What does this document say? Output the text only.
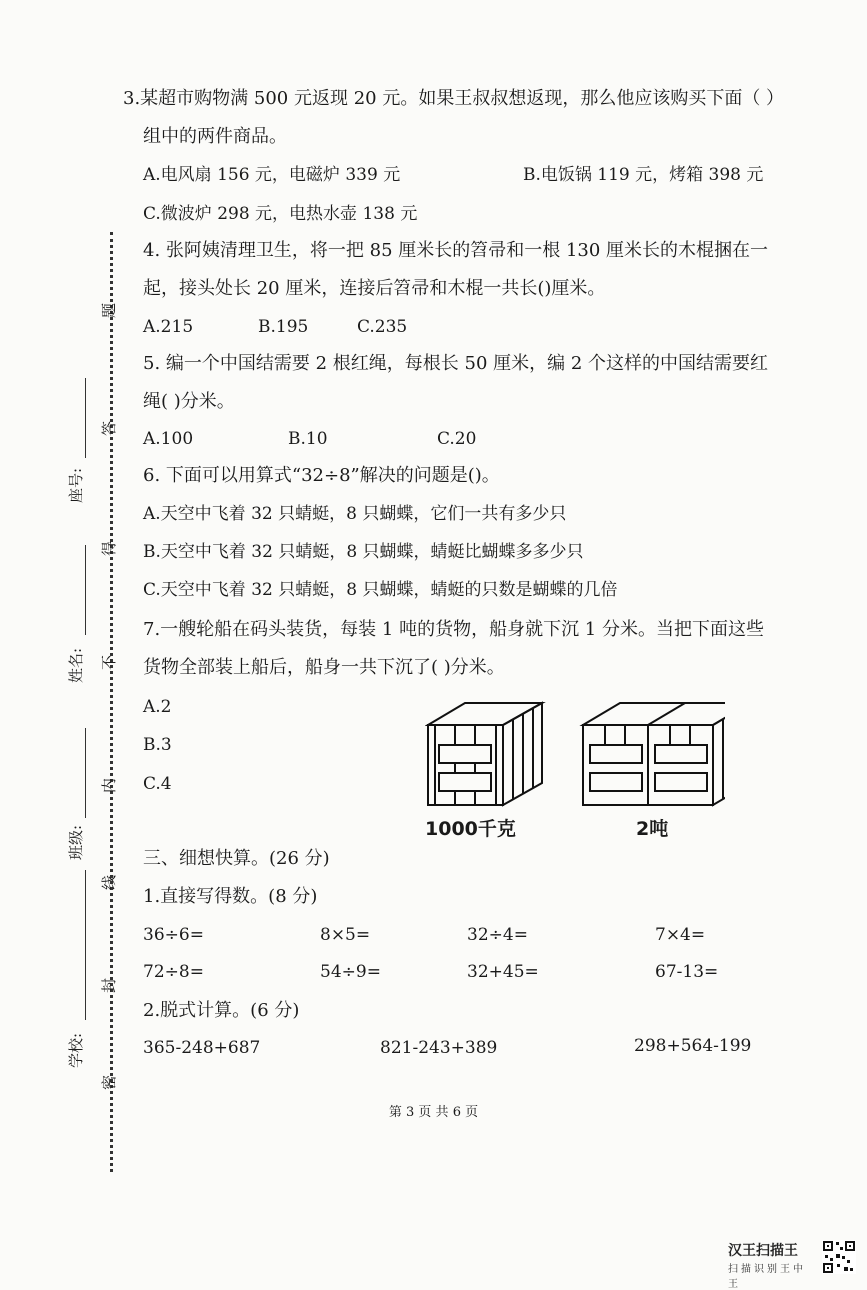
题
答
得
不
内
线
封
密
座号:
姓名:
班级:
学校:
3.某超市购物满 500 元返现 20 元。如果王叔叔想返现，那么他应该购买下面（ ）
组中的两件商品。
A.电风扇 156 元，电磁炉 339 元	B.电饭锅 119 元，烤箱 398 元
C.微波炉 298 元，电热水壶 138 元
4. 张阿姨清理卫生，将一把 85 厘米长的笤帚和一根 130 厘米长的木棍捆在一
起，接头处长 20 厘米，连接后笤帚和木棍一共长()厘米。
A.215	B.195	C.235
5. 编一个中国结需要 2 根红绳，每根长 50 厘米，编 2 个这样的中国结需要红
绳( )分米。
A.100	B.10	C.20
6. 下面可以用算式“32÷8”解决的问题是()。
A.天空中飞着 32 只蜻蜓，8 只蝴蝶，它们一共有多少只
B.天空中飞着 32 只蜻蜓，8 只蝴蝶，蜻蜓比蝴蝶多多少只
C.天空中飞着 32 只蜻蜓，8 只蝴蝶，蜻蜓的只数是蝴蝶的几倍
7.一艘轮船在码头装货，每装 1 吨的货物，船身就下沉 1 分米。当把下面这些
货物全部装上船后，船身一共下沉了( )分米。
A.2
B.3
C.4
1000千克	2吨
三、细想快算。(26 分)
1.直接写得数。(8 分)
36÷6=	8×5=	32÷4=	7×4=
72÷8=	54÷9=	32+45=	67-13=
2.脱式计算。(6 分)
365-248+687	821-243+389	298+564-199
第 3 页 共 6 页
汉王扫描王
扫描识别王中王
